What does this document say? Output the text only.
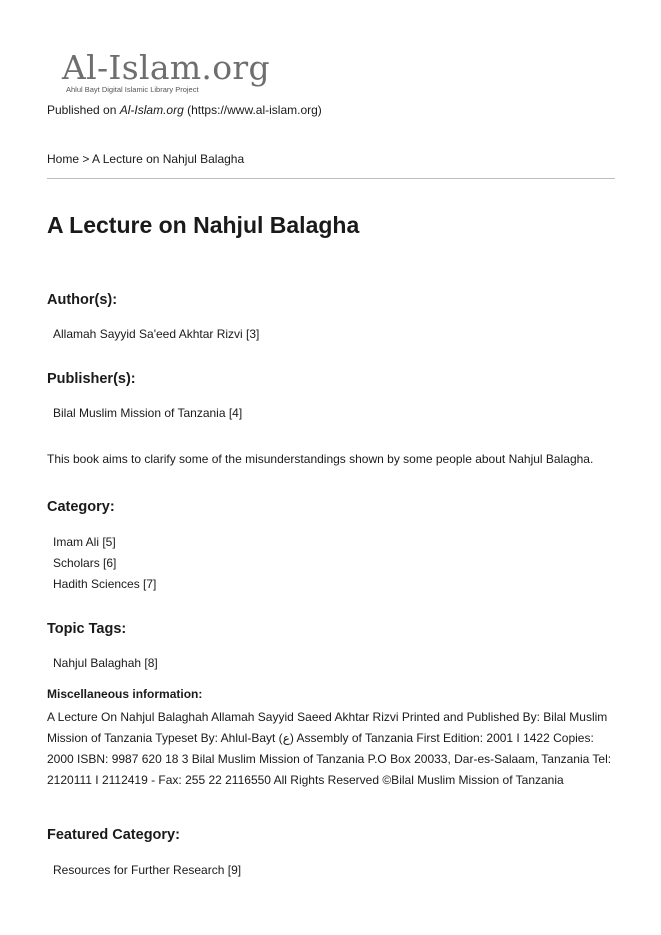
Al-Islam.org
Ahlul Bayt Digital Islamic Library Project
Published on Al-Islam.org (https://www.al-islam.org)
Home > A Lecture on Nahjul Balagha
A Lecture on Nahjul Balagha
Author(s):
Allamah Sayyid Sa'eed Akhtar Rizvi [3]
Publisher(s):
Bilal Muslim Mission of Tanzania [4]
This book aims to clarify some of the misunderstandings shown by some people about Nahjul Balagha.
Category:
Imam Ali [5]
Scholars [6]
Hadith Sciences [7]
Topic Tags:
Nahjul Balaghah [8]
Miscellaneous information:
A Lecture On Nahjul Balaghah Allamah Sayyid Saeed Akhtar Rizvi Printed and Published By: Bilal Muslim Mission of Tanzania Typeset By: Ahlul-Bayt (ع) Assembly of Tanzania First Edition: 2001 I 1422 Copies: 2000 ISBN: 9987 620 18 3 Bilal Muslim Mission of Tanzania P.O Box 20033, Dar-es-Salaam, Tanzania Tel: 2120111 I 2112419 - Fax: 255 22 2116550 All Rights Reserved ©Bilal Muslim Mission of Tanzania
Featured Category:
Resources for Further Research [9]
